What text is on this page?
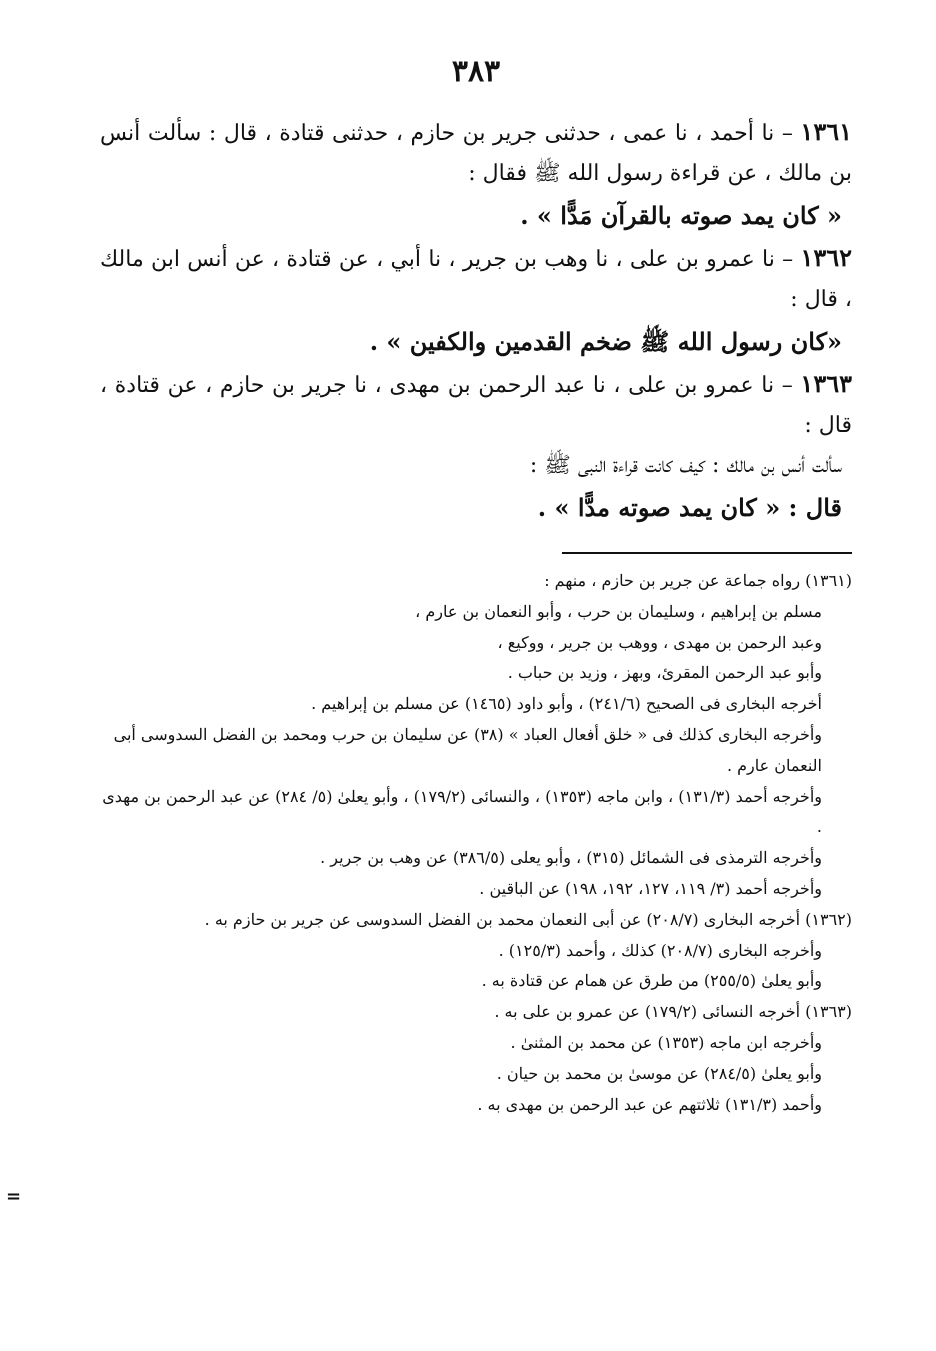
٣٨٣

١٣٦١ – نا أحمد ، نا عمى ، حدثنى جرير بن حازم ، حدثنى قتادة ، قال : سألت أنس بن مالك ، عن قراءة رسول الله ﷺ فقال :

« كان يمد صوته بالقرآن مَدًّا » .

١٣٦٢ – نا عمرو بن على ، نا وهب بن جرير ، نا أبي ، عن قتادة ، عن أنس ابن مالك ، قال :

«كان رسول الله ﷺ ضخم القدمين والكفين » .

١٣٦٣ – نا عمرو بن على ، نا عبد الرحمن بن مهدى ، نا جرير بن حازم ، عن قتادة ، قال :

سألت أنس بن مالك : كيف كانت قراءة النبى ﷺ :

قال : « كان يمد صوته مدًّا » .

(١٣٦١) رواه جماعة عن جرير بن حازم ، منهم :

مسلم بن إبراهيم ، وسليمان بن حرب ، وأبو النعمان بن عارم ،

وعبد الرحمن بن مهدى ، ووهب بن جرير ، ووكيع ،

وأبو عبد الرحمن المقرئ، وبهز ، وزيد بن حباب .

أخرجه البخارى فى الصحيح (٢٤١/٦) ، وأبو داود (١٤٦٥) عن مسلم بن إبراهيم .

وأخرجه البخارى كذلك فى « خلق أفعال العباد » (٣٨) عن سليمان بن حرب ومحمد بن الفضل السدوسى أبى النعمان عارم .

وأخرجه أحمد (١٣١/٣) ، وابن ماجه (١٣٥٣) ، والنسائى (١٧٩/٢) ، وأبو يعلىٰ (٥/ ٢٨٤) عن عبد الرحمن بن مهدى .

وأخرجه الترمذى فى الشمائل (٣١٥) ، وأبو يعلى (٣٨٦/٥) عن وهب بن جرير .

وأخرجه أحمد (٣/ ١١٩، ١٢٧، ١٩٢، ١٩٨) عن الباقين .

(١٣٦٢) أخرجه البخارى (٢٠٨/٧) عن أبى النعمان محمد بن الفضل السدوسى عن جرير بن حازم به .

وأخرجه البخارى (٢٠٨/٧) كذلك ، وأحمد (١٢٥/٣) .

وأبو يعلىٰ (٢٥٥/٥) من طرق عن همام عن قتادة به .

(١٣٦٣) أخرجه النسائى (١٧٩/٢) عن عمرو بن على به .

وأخرجه ابن ماجه (١٣٥٣) عن محمد بن المثنىٰ .

وأبو يعلىٰ (٢٨٤/٥) عن موسىٰ بن محمد بن حيان .

وأحمد (١٣١/٣) ثلاثتهم عن عبد الرحمن بن مهدى به .

=
